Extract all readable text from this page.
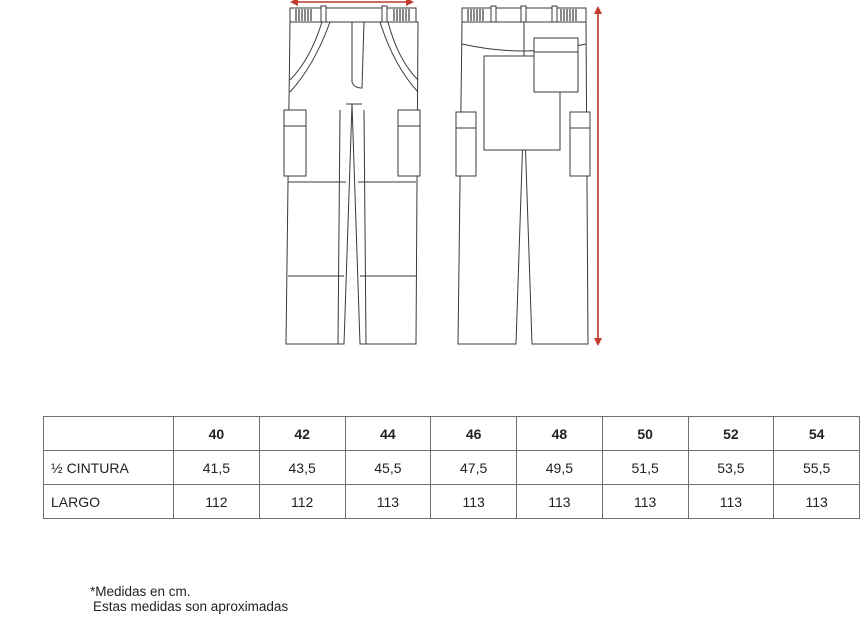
	40	42	44	46	48	50	52	54
½ CINTURA	41,5	43,5	45,5	47,5	49,5	51,5	53,5	55,5
LARGO	112	112	113	113	113	113	113	113
*Medidas en cm.
Estas medidas son aproximadas
